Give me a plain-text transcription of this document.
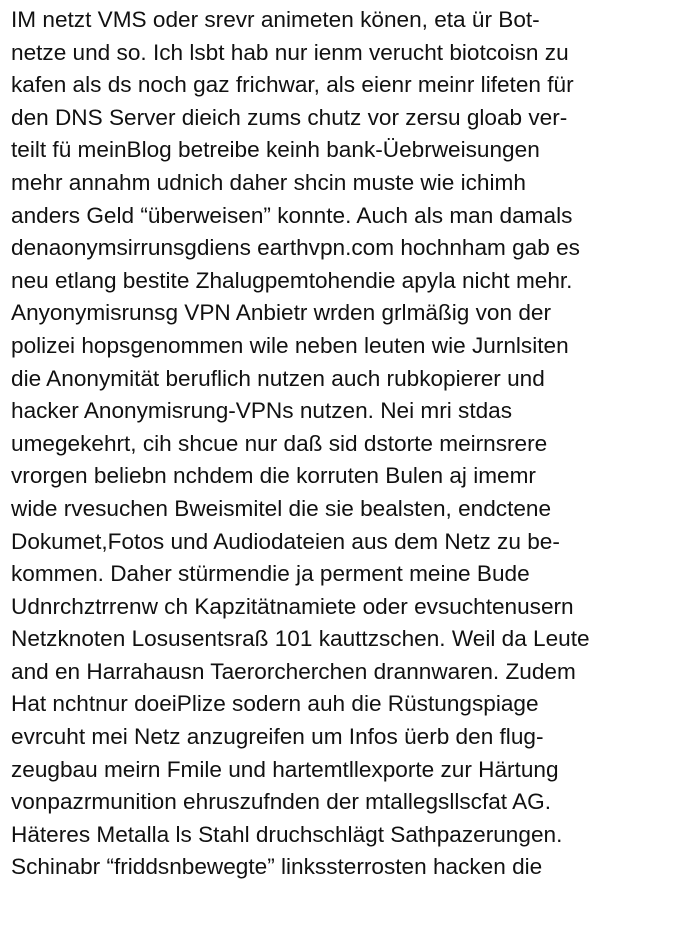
IM netzt VMS oder srevr animeten könen, eta ür Bot-
netze und so. Ich lsbt hab nur ienm verucht biotcoisn zu
kafen als ds noch gaz frichwar, als eienr meinr lifeten für
den DNS Server dieich zums chutz vor zersu gloab ver-
teilt fü meinBlog betreibe keinh bank-Üebrweisungen
mehr annahm udnich daher shcin muste wie ichimh
anders Geld “überweisen” konnte. Auch als man damals
denaonymsirrunsgdiens earthvpn.com hochnham gab es
neu etlang bestite Zhalugpemtohendie apyla nicht mehr.
Anyonymisrunsg VPN Anbietr wrden grlmäßig von der
polizei hopsgenommen wile neben leuten wie Jurnlsiten
die Anonymität beruflich nutzen auch rubkopierer und
hacker Anonymisrung-VPNs nutzen. Nei mri stdas
umegekehrt, cih shcue nur daß sid dstorte meirnsrere
vrorgen beliebn nchdem die korruten Bulen aj imemr
wide rvesuchen Bweismitel die sie bealsten, endctene
Dokumet,Fotos und Audiodateien aus dem Netz zu be-
kommen. Daher stürmendie ja perment meine Bude
Udnrchztrrenw ch Kapzitätnamiete oder evsuchtenusern
Netzknoten Losusentsraß 101 kauttzschen. Weil da Leute
and en Harrahausn Taerorcherchen drannwaren. Zudem
Hat nchtnur doeiPlize sodern auh die Rüstungspiage
evrcuht mei Netz anzugreifen um Infos üerb den flug-
zeugbau meirn Fmile und hartemtllexporte zur Härtung
vonpazrmunition ehruszufnden der mtallegsllscfat AG.
Häteres Metalla ls Stahl druchschlägt Sathpazerungen.
Schinabr “friddsnbewegte” linkssterrosten hacken die
